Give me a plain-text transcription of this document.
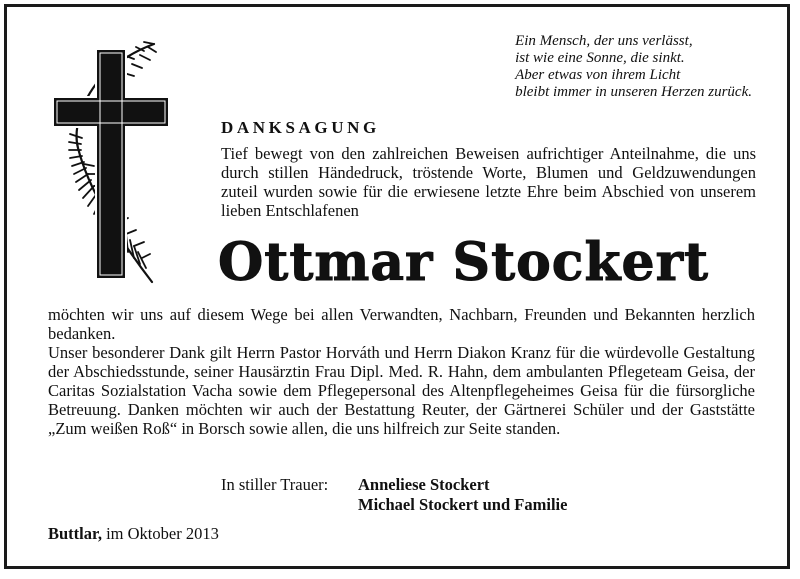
Ein Mensch, der uns verlässt,
ist wie eine Sonne, die sinkt.
Aber etwas von ihrem Licht
bleibt immer in unseren Herzen zurück.
DANKSAGUNG
Tief bewegt von den zahlreichen Beweisen aufrichtiger Anteilnahme, die uns durch stillen Händedruck, tröstende Worte, Blumen und Geldzuwendungen zuteil wurden sowie für die erwiesene letzte Ehre beim Abschied von unserem lieben Entschlafenen
Ottmar Stockert

möchten wir uns auf diesem Wege bei allen Verwandten, Nachbarn, Freunden und Bekannten herzlich bedanken.

Unser besonderer Dank gilt Herrn Pastor Horváth und Herrn Diakon Kranz für die würdevolle Gestaltung der Abschiedsstunde, seiner Hausärztin Frau Dipl. Med. R. Hahn, dem ambulanten Pflegeteam Geisa, der Caritas Sozialstation Vacha sowie dem Pflegepersonal des Altenpflegeheimes Geisa für die fürsorgliche Betreuung. Danken möchten wir auch der Bestattung Reuter, der Gärtnerei Schüler und der Gaststätte „Zum weißen Roß“ in Borsch sowie allen, die uns hilfreich zur Seite standen.

In stiller Trauer: Anneliese Stockert
Michael Stockert und Familie
Buttlar, im Oktober 2013
